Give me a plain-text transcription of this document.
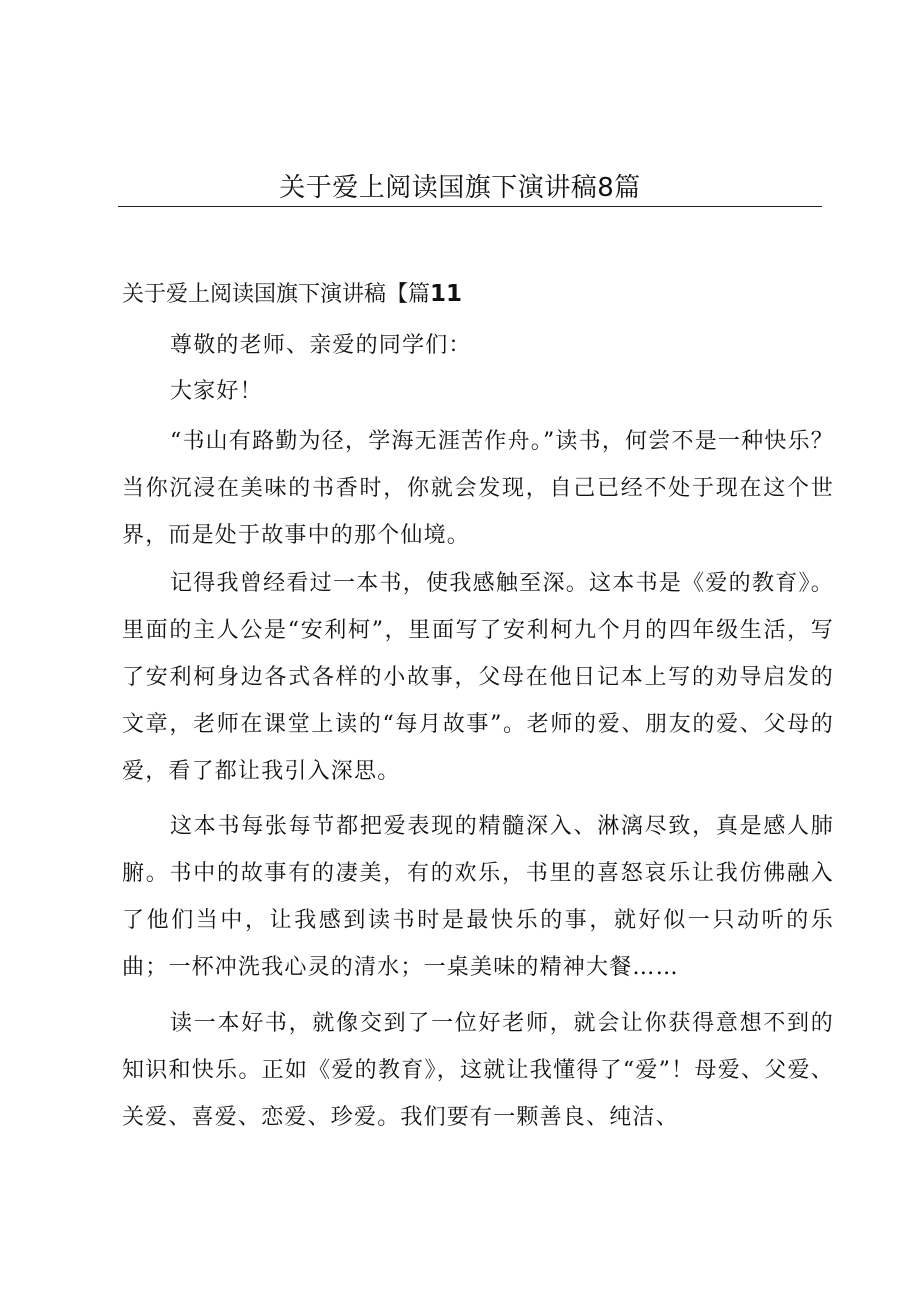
关于爱上阅读国旗下演讲稿8篇
关于爱上阅读国旗下演讲稿【篇11

尊敬的老师、亲爱的同学们：

大家好！

“书山有路勤为径，学海无涯苦作舟。”读书，何尝不是一种快乐？当你沉浸在美味的书香时，你就会发现，自己已经不处于现在这个世界，而是处于故事中的那个仙境。

记得我曾经看过一本书，使我感触至深。这本书是《爱的教育》。里面的主人公是“安利柯”，里面写了安利柯九个月的四年级生活，写了安利柯身边各式各样的小故事，父母在他日记本上写的劝导启发的文章，老师在课堂上读的“每月故事”。老师的爱、朋友的爱、父母的爱，看了都让我引入深思。

这本书每张每节都把爱表现的精髓深入、淋漓尽致，真是感人肺腑。书中的故事有的凄美，有的欢乐，书里的喜怒哀乐让我仿佛融入了他们当中，让我感到读书时是最快乐的事，就好似一只动听的乐曲；一杯冲洗我心灵的清水；一桌美味的精神大餐……

读一本好书，就像交到了一位好老师，就会让你获得意想不到的知识和快乐。正如《爱的教育》，这就让我懂得了“爱”！母爱、父爱、关爱、喜爱、恋爱、珍爱。我们要有一颗善良、纯洁、
